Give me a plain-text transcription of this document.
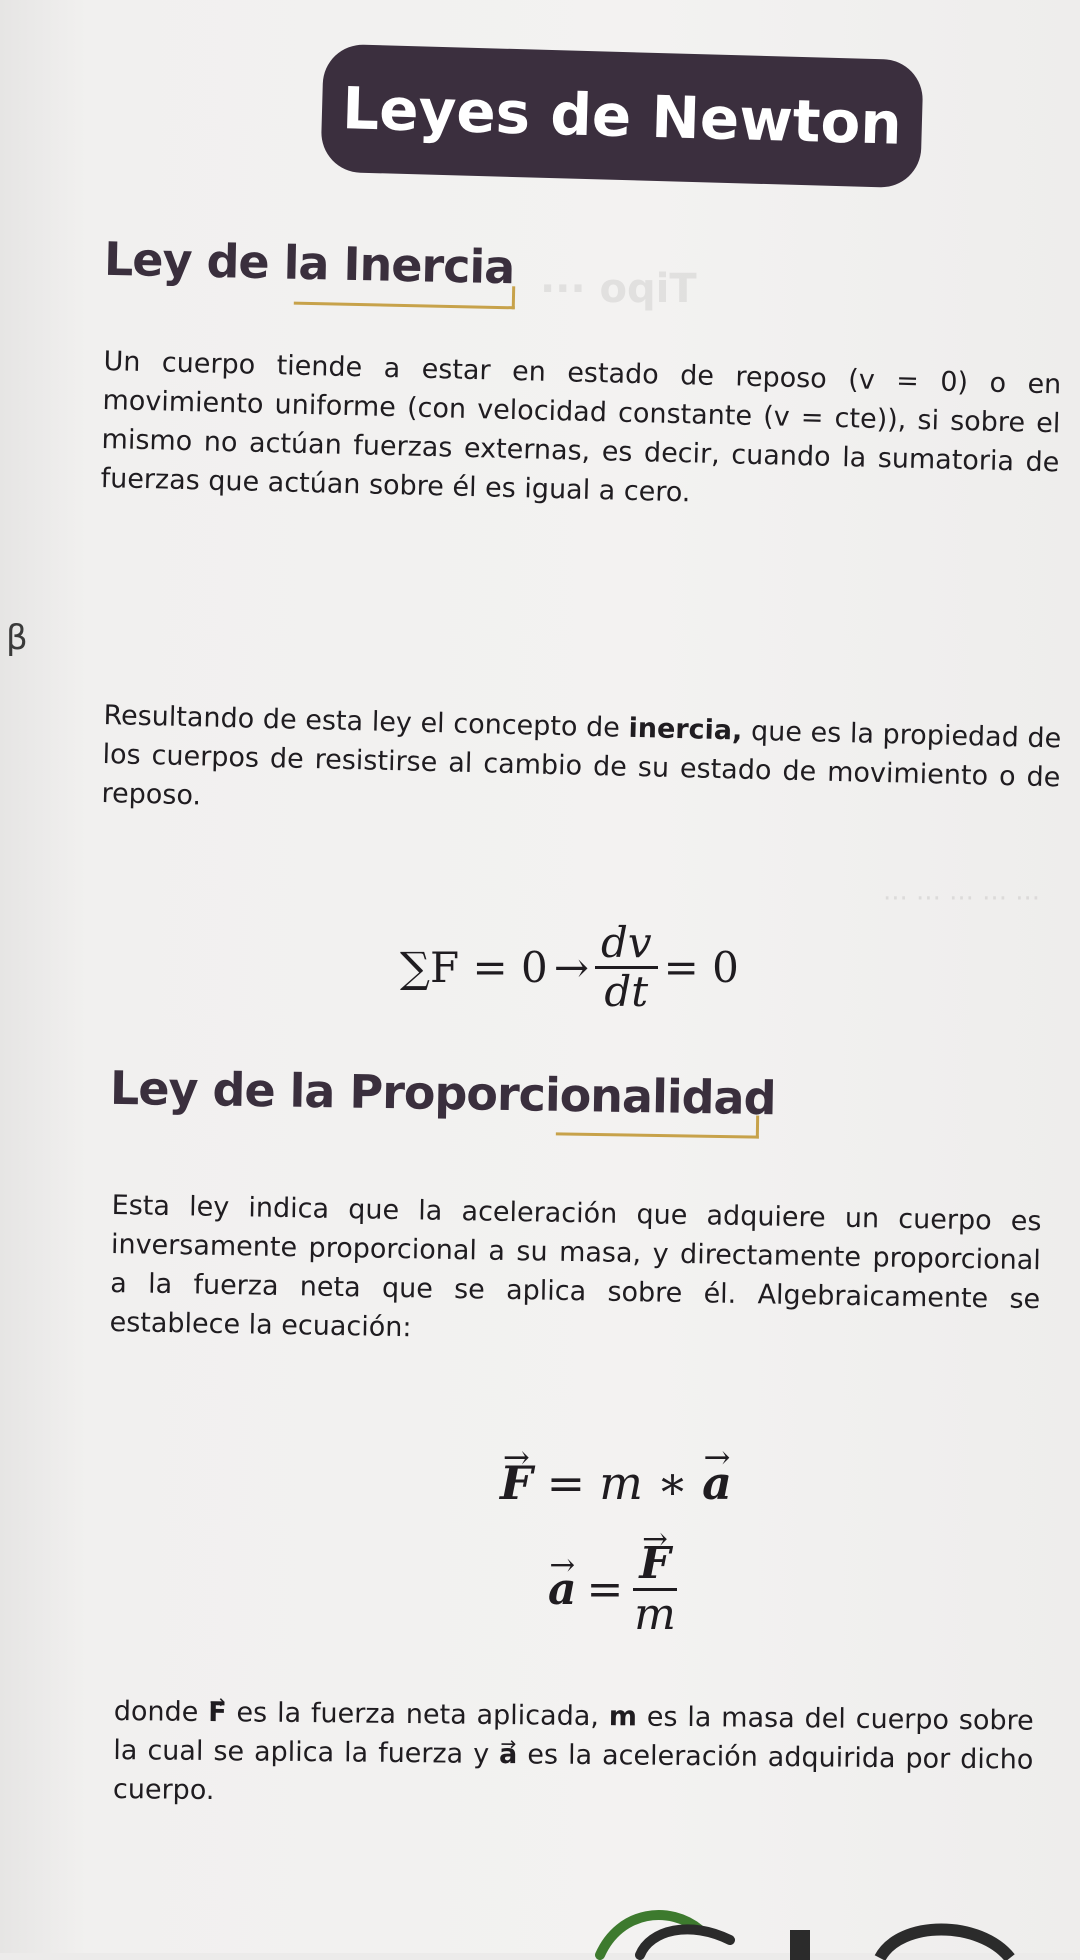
Tipo ···
··· ··· ··· ··· ···
β
Leyes de Newton
Ley de la Inercia

Un cuerpo tiende a estar en estado de reposo (v = 0) o en movimiento uniforme (con velocidad constante (v = cte)), si sobre el mismo no actúan fuerzas externas, es decir, cuando la sumatoria de fuerzas que actúan sobre él es igual a cero.

Resultando de esta ley el concepto de inercia, que es la propiedad de los cuerpos de resistirse al cambio de su estado de movimiento o de reposo.

$\sum F = 0 \to \frac{dv}{dt} = 0$
Ley de la Proporcionalidad

Esta ley indica que la aceleración que adquiere un cuerpo es inversamente proporcional a su masa, y directamente proporcional a la fuerza neta que se aplica sobre él. Algebraicamente se establece la ecuación:

→ F = m ∗ → a
→ a = → $\frac{F}{m}$

donde → F es la fuerza neta aplicada, m es la masa del cuerpo sobre la cual se aplica la fuerza y → a es la aceleración adquirida por dicho cuerpo.
